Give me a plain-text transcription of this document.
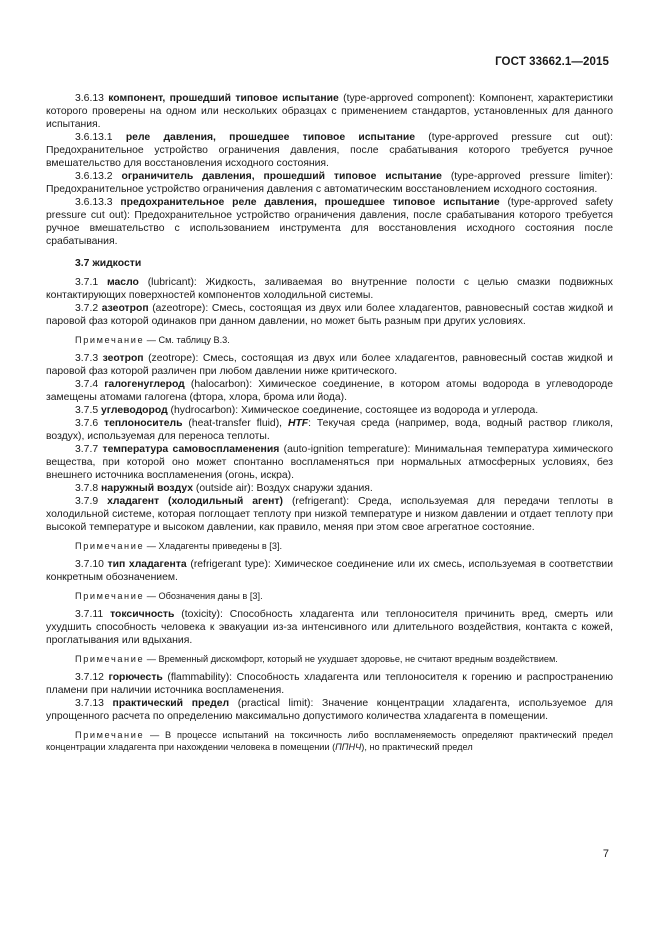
ГОСТ 33662.1—2015

3.6.13 компонент, прошедший типовое испытание (type-approved component): Компонент, характеристики которого проверены на одном или нескольких образцах с применением стандартов, установленных для данного испытания.

3.6.13.1 реле давления, прошедшее типовое испытание (type-approved pressure cut out): Предохранительное устройство ограничения давления, после срабатывания которого требуется ручное вмешательство для восстановления исходного состояния.

3.6.13.2 ограничитель давления, прошедший типовое испытание (type-approved pressure limiter): Предохранительное устройство ограничения давления с автоматическим восстановлением исходного состояния.

3.6.13.3 предохранительное реле давления, прошедшее типовое испытание (type-approved safety pressure cut out): Предохранительное устройство ограничения давления, после срабатывания которого требуется ручное вмешательство с использованием инструмента для восстановления исходного состояния после срабатывания.

3.7 жидкости

3.7.1 масло (lubricant): Жидкость, заливаемая во внутренние полости с целью смазки подвижных контактирующих поверхностей компонентов холодильной системы.

3.7.2 азеотроп (azeotrope): Смесь, состоящая из двух или более хладагентов, равновесный состав жидкой и паровой фаз которой одинаков при данном давлении, но может быть разным при других условиях.

Примечание — См. таблицу В.3.

3.7.3 зеотроп (zeotrope): Смесь, состоящая из двух или более хладагентов, равновесный состав жидкой и паровой фаз которой различен при любом давлении ниже критического.

3.7.4 галогенуглерод (halocarbon): Химическое соединение, в котором атомы водорода в углеводороде замещены атомами галогена (фтора, хлора, брома или йода).

3.7.5 углеводород (hydrocarbon): Химическое соединение, состоящее из водорода и углерода.

3.7.6 теплоноситель (heat-transfer fluid), HTF: Текучая среда (например, вода, водный раствор гликоля, воздух), используемая для переноса теплоты.

3.7.7 температура самовоспламенения (auto-ignition temperature): Минимальная температура химического вещества, при которой оно может спонтанно воспламеняться при нормальных атмосферных условиях, без внешнего источника воспламенения (огонь, искра).

3.7.8 наружный воздух (outside air): Воздух снаружи здания.

3.7.9 хладагент (холодильный агент) (refrigerant): Среда, используемая для передачи теплоты в холодильной системе, которая поглощает теплоту при низкой температуре и низком давлении и отдает теплоту при высокой температуре и высоком давлении, как правило, меняя при этом свое агрегатное состояние.

Примечание — Хладагенты приведены в [3].

3.7.10 тип хладагента (refrigerant type): Химическое соединение или их смесь, используемая в соответствии конкретным обозначением.

Примечание — Обозначения даны в [3].

3.7.11 токсичность (toxicity): Способность хладагента или теплоносителя причинить вред, смерть или ухудшить способность человека к эвакуации из-за интенсивного или длительного воздействия, контакта с кожей, проглатывания или вдыхания.

Примечание — Временный дискомфорт, который не ухудшает здоровье, не считают вредным воздействием.

3.7.12 горючесть (flammability): Способность хладагента или теплоносителя к горению и распространению пламени при наличии источника воспламенения.

3.7.13 практический предел (practical limit): Значение концентрации хладагента, используемое для упрощенного расчета по определению максимально допустимого количества хладагента в помещении.

Примечание — В процессе испытаний на токсичность либо воспламеняемость определяют практический предел концентрации хладагента при нахождении человека в помещении (ППНЧ), но практический предел

7
